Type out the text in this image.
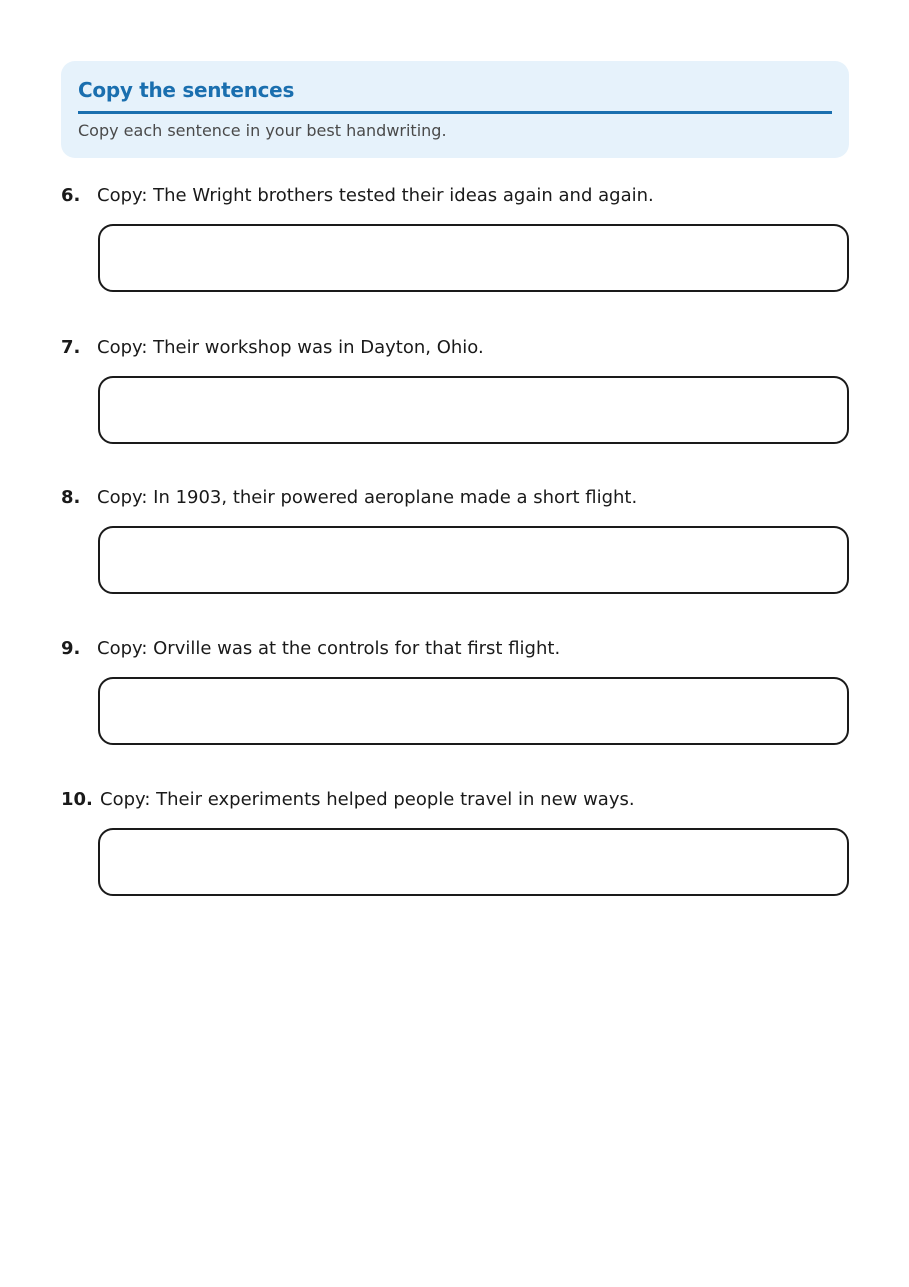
Copy the sentences
Copy each sentence in your best handwriting.
6. Copy: The Wright brothers tested their ideas again and again.
7. Copy: Their workshop was in Dayton, Ohio.
8. Copy: In 1903, their powered aeroplane made a short flight.
9. Copy: Orville was at the controls for that first flight.
10. Copy: Their experiments helped people travel in new ways.
